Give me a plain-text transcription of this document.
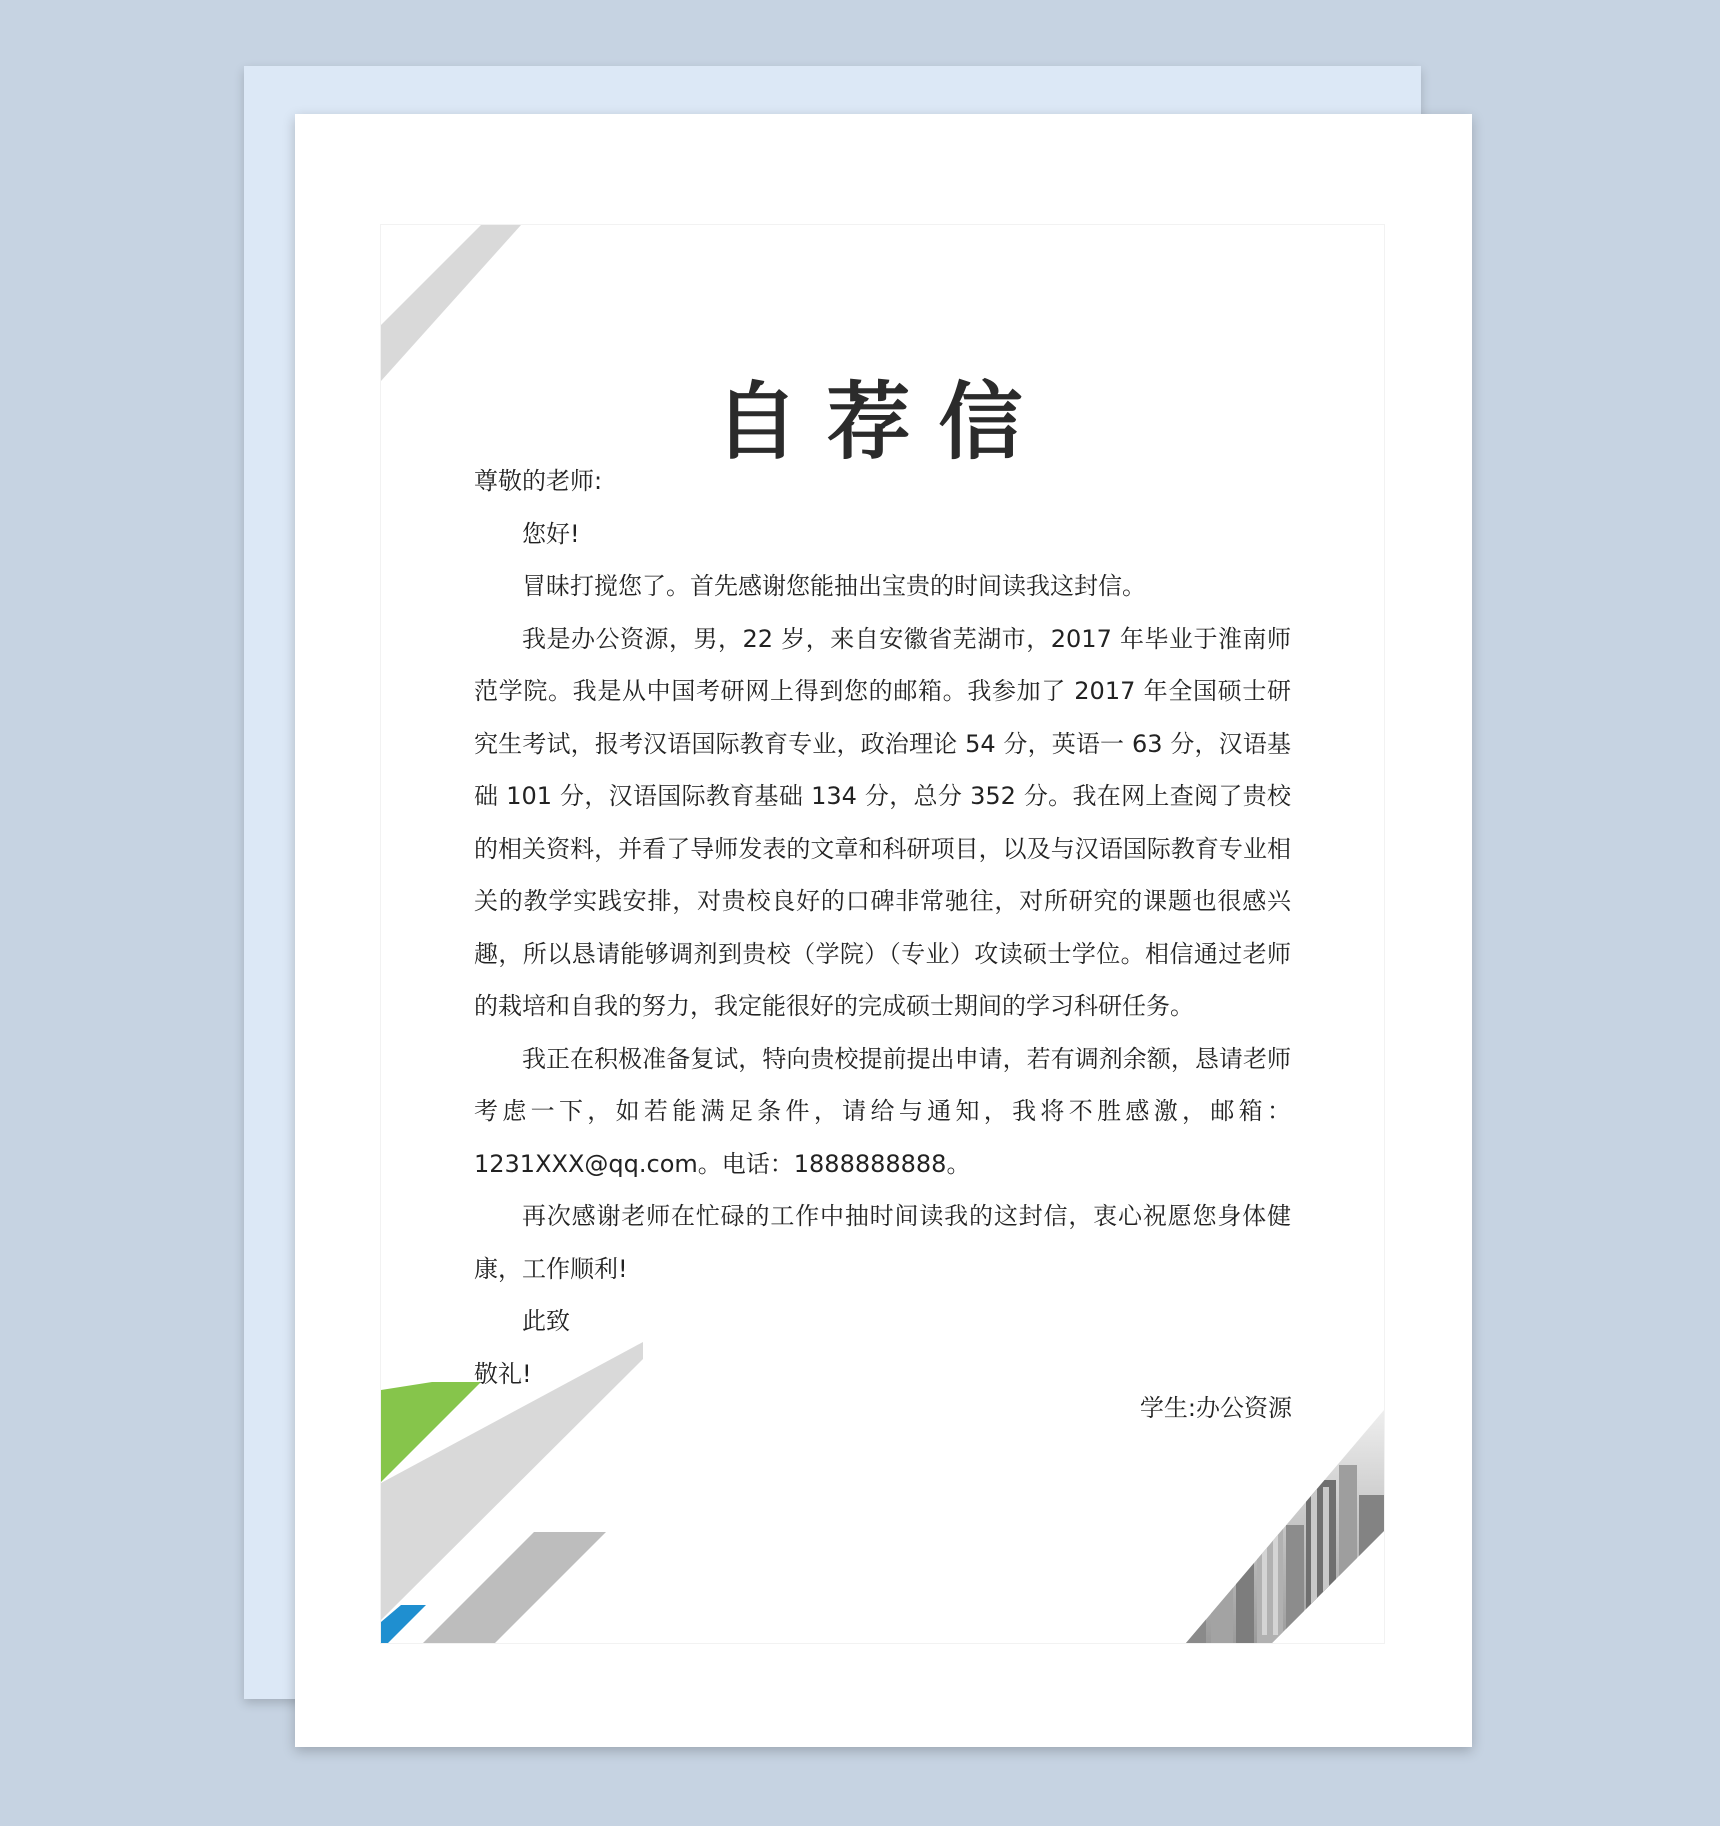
自荐信

尊敬的老师:

您好!

冒昧打搅您了。首先感谢您能抽出宝贵的时间读我这封信。

我是办公资源，男，22 岁，来自安徽省芜湖市，2017 年毕业于淮南师范学院。我是从中国考研网上得到您的邮箱。我参加了 2017 年全国硕士研究生考试，报考汉语国际教育专业，政治理论 54 分，英语一 63 分，汉语基础 101 分，汉语国际教育基础 134 分，总分 352 分。我在网上查阅了贵校的相关资料，并看了导师发表的文章和科研项目，以及与汉语国际教育专业相关的教学实践安排，对贵校良好的口碑非常驰往，对所研究的课题也很感兴趣，所以恳请能够调剂到贵校（学院）（专业）攻读硕士学位。相信通过老师的栽培和自我的努力，我定能很好的完成硕士期间的学习科研任务。

我正在积极准备复试，特向贵校提前提出申请，若有调剂余额，恳请老师考虑一下，如若能满足条件，请给与通知，我将不胜感激，邮箱：1231XXX@qq.com。电话：1888888888。

再次感谢老师在忙碌的工作中抽时间读我的这封信，衷心祝愿您身体健康，工作顺利!

此致

敬礼!

学生:办公资源
